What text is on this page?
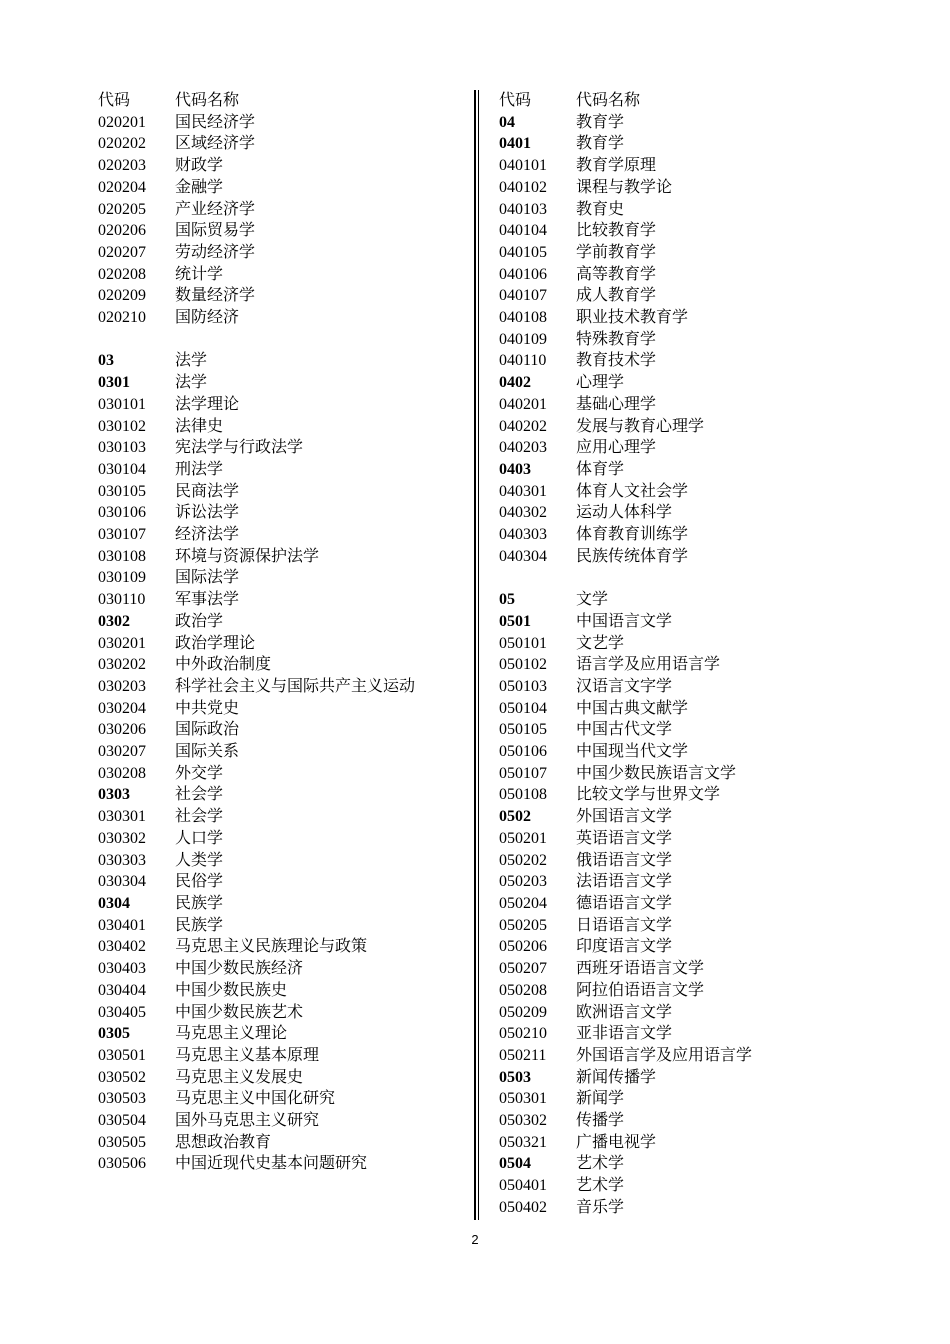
代码	代码名称
020201	国民经济学
020202	区域经济学
020203	财政学
020204	金融学
020205	产业经济学
020206	国际贸易学
020207	劳动经济学
020208	统计学
020209	数量经济学
020210	国防经济
03	法学
0301	法学
030101	法学理论
030102	法律史
030103	宪法学与行政法学
030104	刑法学
030105	民商法学
030106	诉讼法学
030107	经济法学
030108	环境与资源保护法学
030109	国际法学
030110	军事法学
0302	政治学
030201	政治学理论
030202	中外政治制度
030203	科学社会主义与国际共产主义运动
030204	中共党史
030206	国际政治
030207	国际关系
030208	外交学
0303	社会学
030301	社会学
030302	人口学
030303	人类学
030304	民俗学
0304	民族学
030401	民族学
030402	马克思主义民族理论与政策
030403	中国少数民族经济
030404	中国少数民族史
030405	中国少数民族艺术
0305	马克思主义理论
030501	马克思主义基本原理
030502	马克思主义发展史
030503	马克思主义中国化研究
030504	国外马克思主义研究
030505	思想政治教育
030506	中国近现代史基本问题研究
代码	代码名称
04	教育学
0401	教育学
040101	教育学原理
040102	课程与教学论
040103	教育史
040104	比较教育学
040105	学前教育学
040106	高等教育学
040107	成人教育学
040108	职业技术教育学
040109	特殊教育学
040110	教育技术学
0402	心理学
040201	基础心理学
040202	发展与教育心理学
040203	应用心理学
0403	体育学
040301	体育人文社会学
040302	运动人体科学
040303	体育教育训练学
040304	民族传统体育学
05	文学
0501	中国语言文学
050101	文艺学
050102	语言学及应用语言学
050103	汉语言文字学
050104	中国古典文献学
050105	中国古代文学
050106	中国现当代文学
050107	中国少数民族语言文学
050108	比较文学与世界文学
0502	外国语言文学
050201	英语语言文学
050202	俄语语言文学
050203	法语语言文学
050204	德语语言文学
050205	日语语言文学
050206	印度语言文学
050207	西班牙语语言文学
050208	阿拉伯语语言文学
050209	欧洲语言文学
050210	亚非语言文学
050211	外国语言学及应用语言学
0503	新闻传播学
050301	新闻学
050302	传播学
050321	广播电视学
0504	艺术学
050401	艺术学
050402	音乐学
2
